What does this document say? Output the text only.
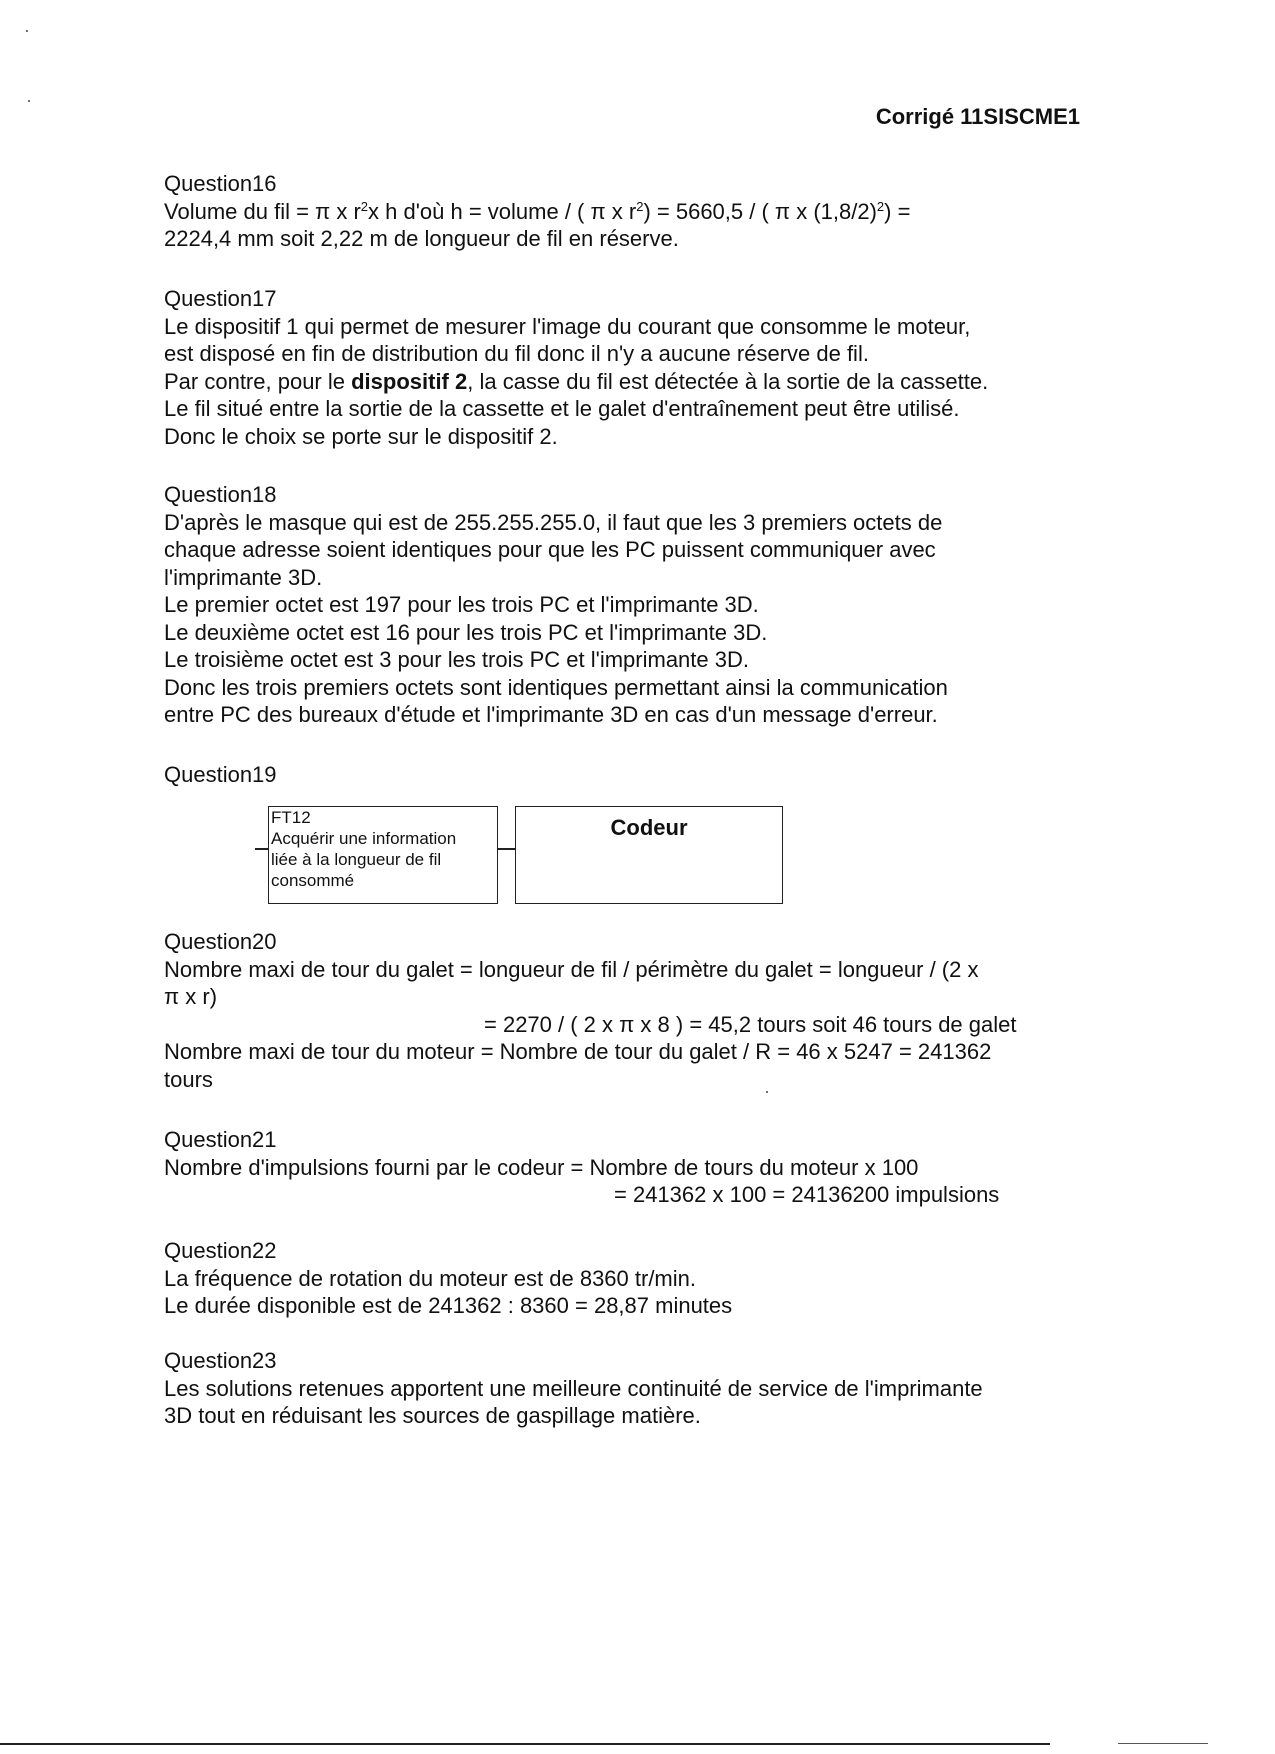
Corrigé 11SISCME1

Question16

Volume du fil = π x $r^2x$ h d'où h = volume / ( π x $r^2) = 5660,5$ / ( π x $(1,8/2)^2$) =

2224,4 mm soit 2,22 m de longueur de fil en réserve.

Question17

Le dispositif 1 qui permet de mesurer l'image du courant que consomme le moteur,

est disposé en fin de distribution du fil donc il n'y a aucune réserve de fil.

Par contre, pour le dispositif 2, la casse du fil est détectée à la sortie de la cassette.

Le fil situé entre la sortie de la cassette et le galet d'entraînement peut être utilisé.

Donc le choix se porte sur le dispositif 2.

Question18

D'après le masque qui est de 255.255.255.0, il faut que les 3 premiers octets de

chaque adresse soient identiques pour que les PC puissent communiquer avec

l'imprimante 3D.

Le premier octet est 197 pour les trois PC et l'imprimante 3D.

Le deuxième octet est 16 pour les trois PC et l'imprimante 3D.

Le troisième octet est 3 pour les trois PC et l'imprimante 3D.

Donc les trois premiers octets sont identiques permettant ainsi la communication

entre PC des bureaux d'étude et l'imprimante 3D en cas d'un message d'erreur.

Question19

FT12
Acquérir une information
liée à la longueur de fil
consommé
Codeur

Question20

Nombre maxi de tour du galet = longueur de fil / périmètre du galet = longueur / (2 x

π x r)

= 2270 / ( 2 x π x 8 ) = 45,2 tours soit 46 tours de galet

Nombre maxi de tour du moteur = Nombre de tour du galet / R = 46 x 5247 = 241362

tours

Question21

Nombre d'impulsions fourni par le codeur = Nombre de tours du moteur x 100

= 241362 x 100 = 24136200 impulsions

Question22

La fréquence de rotation du moteur est de 8360 tr/min.

Le durée disponible est de 241362 : 8360 = 28,87 minutes

Question23

Les solutions retenues apportent une meilleure continuité de service de l'imprimante

3D tout en réduisant les sources de gaspillage matière.
